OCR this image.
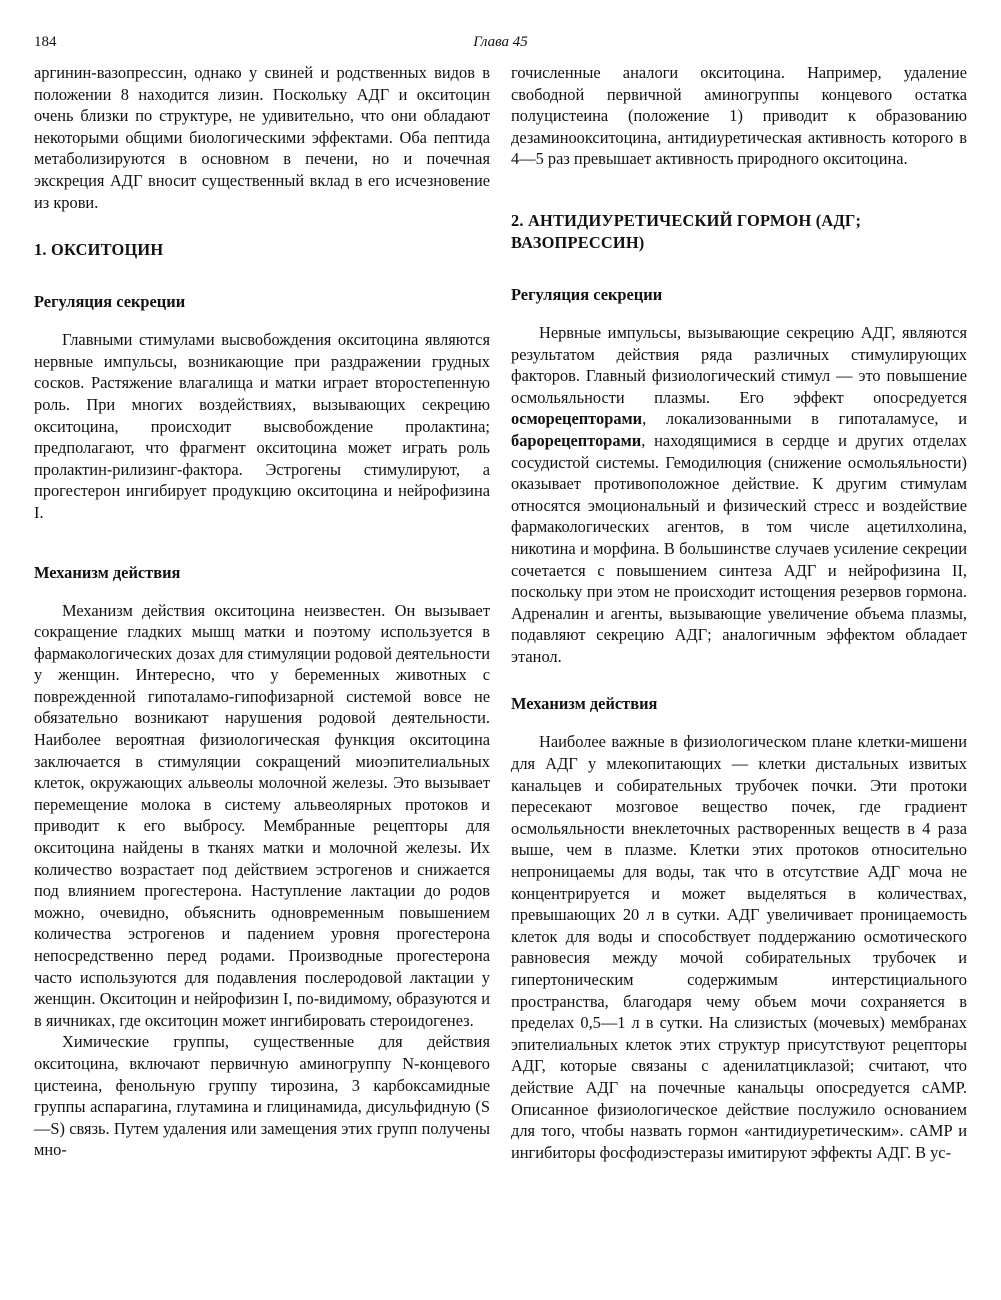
184	Глава 45

аргинин-вазопрессин, однако у свиней и родственных видов в положении 8 находится лизин. Поскольку АДГ и окситоцин очень близки по структуре, не удивительно, что они обладают некоторыми общими биологическими эффектами. Оба пептида метаболизируются в основном в печени, но и почечная экскреция АДГ вносит существенный вклад в его исчезновение из крови.

1. ОКСИТОЦИН
Регуляция секреции

Главными стимулами высвобождения окситоцина являются нервные импульсы, возникающие при раздражении грудных сосков. Растяжение влагалища и матки играет второстепенную роль. При многих воздействиях, вызывающих секрецию окситоцина, происходит высвобождение пролактина; предполагают, что фрагмент окситоцина может играть роль пролактин-рилизинг-фактора. Эстрогены стимулируют, а прогестерон ингибирует продукцию окситоцина и нейрофизина I.

Механизм действия

Механизм действия окситоцина неизвестен. Он вызывает сокращение гладких мышц матки и поэтому используется в фармакологических дозах для стимуляции родовой деятельности у женщин. Интересно, что у беременных животных с поврежденной гипоталамо-гипофизарной системой вовсе не обязательно возникают нарушения родовой деятельности. Наиболее вероятная физиологическая функция окситоцина заключается в стимуляции сокращений миоэпителиальных клеток, окружающих альвеолы молочной железы. Это вызывает перемещение молока в систему альвеолярных протоков и приводит к его выбросу. Мембранные рецепторы для окситоцина найдены в тканях матки и молочной железы. Их количество возрастает под действием эстрогенов и снижается под влиянием прогестерона. Наступление лактации до родов можно, очевидно, объяснить одновременным повышением количества эстрогенов и падением уровня прогестерона непосредственно перед родами. Производные прогестерона часто используются для подавления послеродовой лактации у женщин. Окситоцин и нейрофизин I, по-видимому, образуются и в яичниках, где окситоцин может ингибировать стероидогенез.

Химические группы, существенные для действия окситоцина, включают первичную аминогруппу N-концевого цистеина, фенольную группу тирозина, 3 карбоксамидные группы аспарагина, глутамина и глицинамида, дисульфидную (S—S) связь. Путем удаления или замещения этих групп получены мно-

гочисленные аналоги окситоцина. Например, удаление свободной первичной аминогруппы концевого остатка полуцистеина (положение 1) приводит к образованию дезаминоокситоцина, антидиуретическая активность которого в 4—5 раз превышает активность природного окситоцина.

2. АНТИДИУРЕТИЧЕСКИЙ ГОРМОН (АДГ; ВАЗОПРЕССИН)
Регуляция секреции

Нервные импульсы, вызывающие секрецию АДГ, являются результатом действия ряда различных стимулирующих факторов. Главный физиологический стимул — это повышение осмольяльности плазмы. Его эффект опосредуется осморецепторами, локализованными в гипоталамусе, и барорецепторами, находящимися в сердце и других отделах сосудистой системы. Гемодилюция (снижение осмольяльности) оказывает противоположное действие. К другим стимулам относятся эмоциональный и физический стресс и воздействие фармакологических агентов, в том числе ацетилхолина, никотина и морфина. В большинстве случаев усиление секреции сочетается с повышением синтеза АДГ и нейрофизина II, поскольку при этом не происходит истощения резервов гормона. Адреналин и агенты, вызывающие увеличение объема плазмы, подавляют секрецию АДГ; аналогичным эффектом обладает этанол.

Механизм действия

Наиболее важные в физиологическом плане клетки-мишени для АДГ у млекопитающих — клетки дистальных извитых канальцев и собирательных трубочек почки. Эти протоки пересекают мозговое вещество почек, где градиент осмольяльности внеклеточных растворенных веществ в 4 раза выше, чем в плазме. Клетки этих протоков относительно непроницаемы для воды, так что в отсутствие АДГ моча не концентрируется и может выделяться в количествах, превышающих 20 л в сутки. АДГ увеличивает проницаемость клеток для воды и способствует поддержанию осмотического равновесия между мочой собирательных трубочек и гипертоническим содержимым интерстициального пространства, благодаря чему объем мочи сохраняется в пределах 0,5—1 л в сутки. На слизистых (мочевых) мембранах эпителиальных клеток этих структур присутствуют рецепторы АДГ, которые связаны с аденилатциклазой; считают, что действие АДГ на почечные канальцы опосредуется cAMP. Описанное физиологическое действие послужило основанием для того, чтобы назвать гормон «антидиуретическим». cAMP и ингибиторы фосфодиэстеразы имитируют эффекты АДГ. В ус-
